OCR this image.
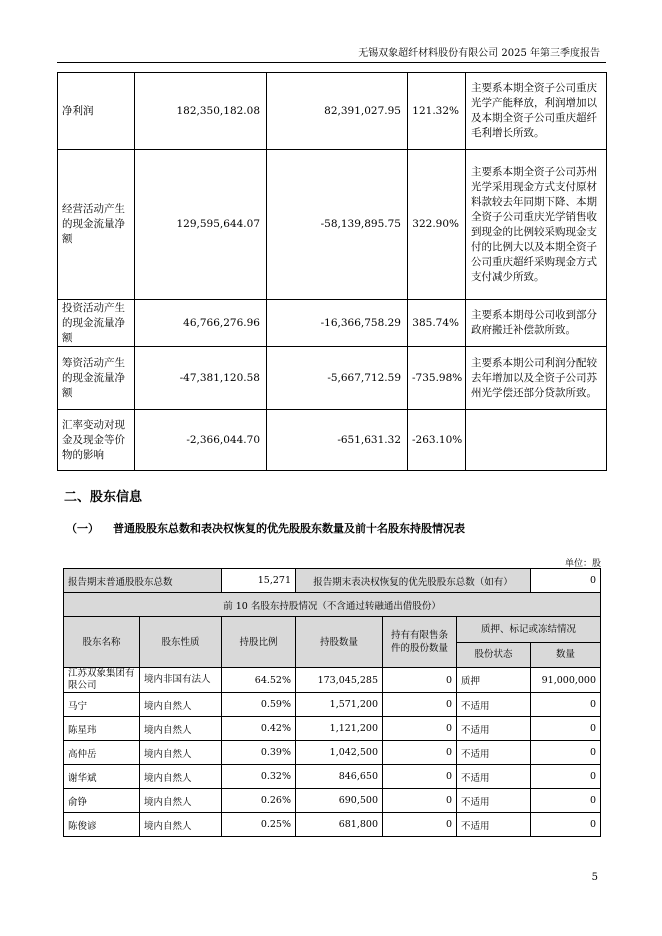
无锡双象超纤材料股份有限公司 2025 年第三季度报告
净利润	182,350,182.08	82,391,027.95	121.32%	主要系本期全资子公司重庆光学产能释放，利润增加以及本期全资子公司重庆超纤毛利增长所致。
经营活动产生的现金流量净额	129,595,644.07	-58,139,895.75	322.90%	主要系本期全资子公司苏州光学采用现金方式支付原材料款较去年同期下降、本期全资子公司重庆光学销售收到现金的比例较采购现金支付的比例大以及本期全资子公司重庆超纤采购现金方式支付减少所致。
投资活动产生的现金流量净额	46,766,276.96	-16,366,758.29	385.74%	主要系本期母公司收到部分政府搬迁补偿款所致。
筹资活动产生的现金流量净额	-47,381,120.58	-5,667,712.59	-735.98%	主要系本期公司利润分配较去年增加以及全资子公司苏州光学偿还部分贷款所致。
汇率变动对现金及现金等价物的影响	-2,366,044.70	-651,631.32	-263.10%	
二、股东信息
（一） 普通股股东总数和表决权恢复的优先股股东数量及前十名股东持股情况表
单位：股
报告期末普通股股东总数		15,271	报告期末表决权恢复的优先股股东总数（如有）			0
前 10 名股东持股情况（不含通过转融通出借股份）						
股东名称	股东性质	持股比例	持股数量	持有有限售条件的股份数量	质押、标记或冻结情况	
					股份状态	数量
江苏双象集团有限公司	境内非国有法人	64.52%	173,045,285	0	质押	91,000,000
马宁	境内自然人	0.59%	1,571,200	0	不适用	0
陈星玮	境内自然人	0.42%	1,121,200	0	不适用	0
高仲岳	境内自然人	0.39%	1,042,500	0	不适用	0
谢华斌	境内自然人	0.32%	846,650	0	不适用	0
俞铮	境内自然人	0.26%	690,500	0	不适用	0
陈俊谚	境内自然人	0.25%	681,800	0	不适用	0
5
